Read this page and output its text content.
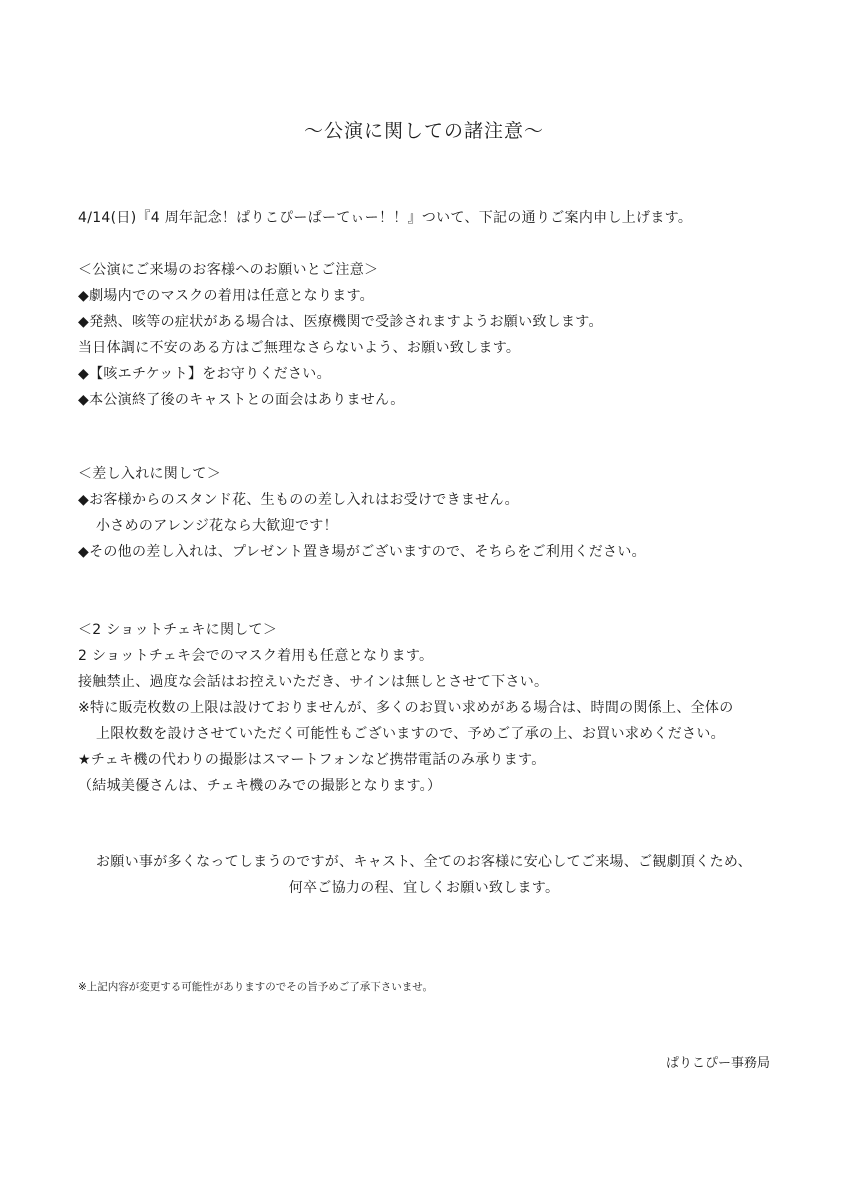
〜公演に関しての諸注意〜
4/14(日)『4 周年記念！ぱりこぴーぱーてぃー！！』ついて、下記の通りご案内申し上げます。
＜公演にご来場のお客様へのお願いとご注意＞
◆劇場内でのマスクの着用は任意となります。
◆発熱、咳等の症状がある場合は、医療機関で受診されますようお願い致します。
当日体調に不安のある方はご無理なさらないよう、お願い致します。
◆【咳エチケット】をお守りください。
◆本公演終了後のキャストとの面会はありません。
＜差し入れに関して＞
◆お客様からのスタンド花、生ものの差し入れはお受けできません。
小さめのアレンジ花なら大歓迎です！
◆その他の差し入れは、プレゼント置き場がございますので、そちらをご利用ください。
＜2 ショットチェキに関して＞
2 ショットチェキ会でのマスク着用も任意となります。
接触禁止、過度な会話はお控えいただき、サインは無しとさせて下さい。
※特に販売枚数の上限は設けておりませんが、多くのお買い求めがある場合は、時間の関係上、全体の
上限枚数を設けさせていただく可能性もございますので、予めご了承の上、お買い求めください。
★チェキ機の代わりの撮影はスマートフォンなど携帯電話のみ承ります。
（結城美優さんは、チェキ機のみでの撮影となります。）
お願い事が多くなってしまうのですが、キャスト、全てのお客様に安心してご来場、ご観劇頂くため、
何卒ご協力の程、宜しくお願い致します。
※上記内容が変更する可能性がありますのでその旨予めご了承下さいませ。
ぱりこぴー事務局
